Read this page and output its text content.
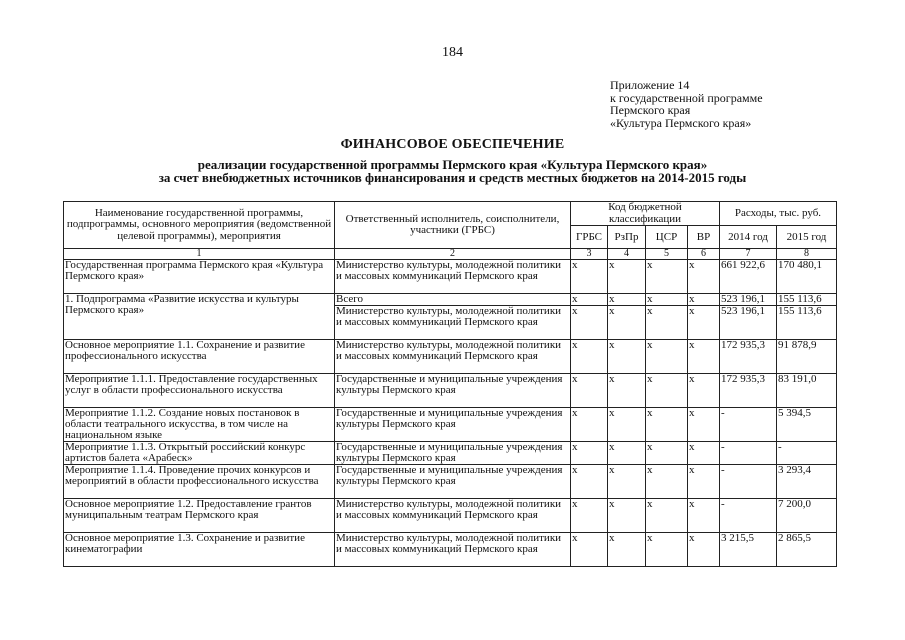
184
Приложение 14
к государственной программе
Пермского края
«Культура Пермского края»
ФИНАНСОВОЕ ОБЕСПЕЧЕНИЕ
реализации государственной программы Пермского края «Культура Пермского края»
за счет внебюджетных источников финансирования и средств местных бюджетов на 2014-2015 годы
Наименование государственной программы, подпрограммы, основного мероприятия (ведомственной целевой программы), мероприятия	Ответственный исполнитель, соисполнители, участники (ГРБС)	Код бюджетной классификации				Расходы, тыс. руб.	
		ГРБС	РзПр	ЦСР	ВР	2014 год	2015 год
1	2	3	4	5	6	7	8
Государственная программа Пермского края «Культура Пермского края»	Министерство культуры, молодежной политики и массовых коммуникаций Пермского края	x	x	x	x	661 922,6	170 480,1
1. Подпрограмма «Развитие искусства и культуры Пермского края»	Всего	x	x	x	x	523 196,1	155 113,6
	Министерство культуры, молодежной политики и массовых коммуникаций Пермского края	x	x	x	x	523 196,1	155 113,6
Основное мероприятие 1.1. Сохранение и развитие профессионального искусства	Министерство культуры, молодежной политики и массовых коммуникаций Пермского края	x	x	x	x	172 935,3	91 878,9
Мероприятие 1.1.1. Предоставление государственных услуг в области профессионального искусства	Государственные и муниципальные учреждения культуры Пермского края	x	x	x	x	172 935,3	83 191,0
Мероприятие 1.1.2. Создание новых постановок в области театрального искусства, в том числе на национальном языке	Государственные и муниципальные учреждения культуры Пермского края	x	x	x	x	-	5 394,5
Мероприятие 1.1.3. Открытый российский конкурс артистов балета «Арабеск»	Государственные и муниципальные учреждения культуры Пермского края	x	x	x	x	-	-
Мероприятие 1.1.4. Проведение прочих конкурсов и мероприятий в области профессионального искусства	Государственные и муниципальные учреждения культуры Пермского края	x	x	x	x	-	3 293,4
Основное мероприятие 1.2. Предоставление грантов муниципальным театрам Пермского края	Министерство культуры, молодежной политики и массовых коммуникаций Пермского края	x	x	x	x	-	7 200,0
Основное мероприятие 1.3. Сохранение и развитие кинематографии	Министерство культуры, молодежной политики и массовых коммуникаций Пермского края	x	x	x	x	3 215,5	2 865,5
